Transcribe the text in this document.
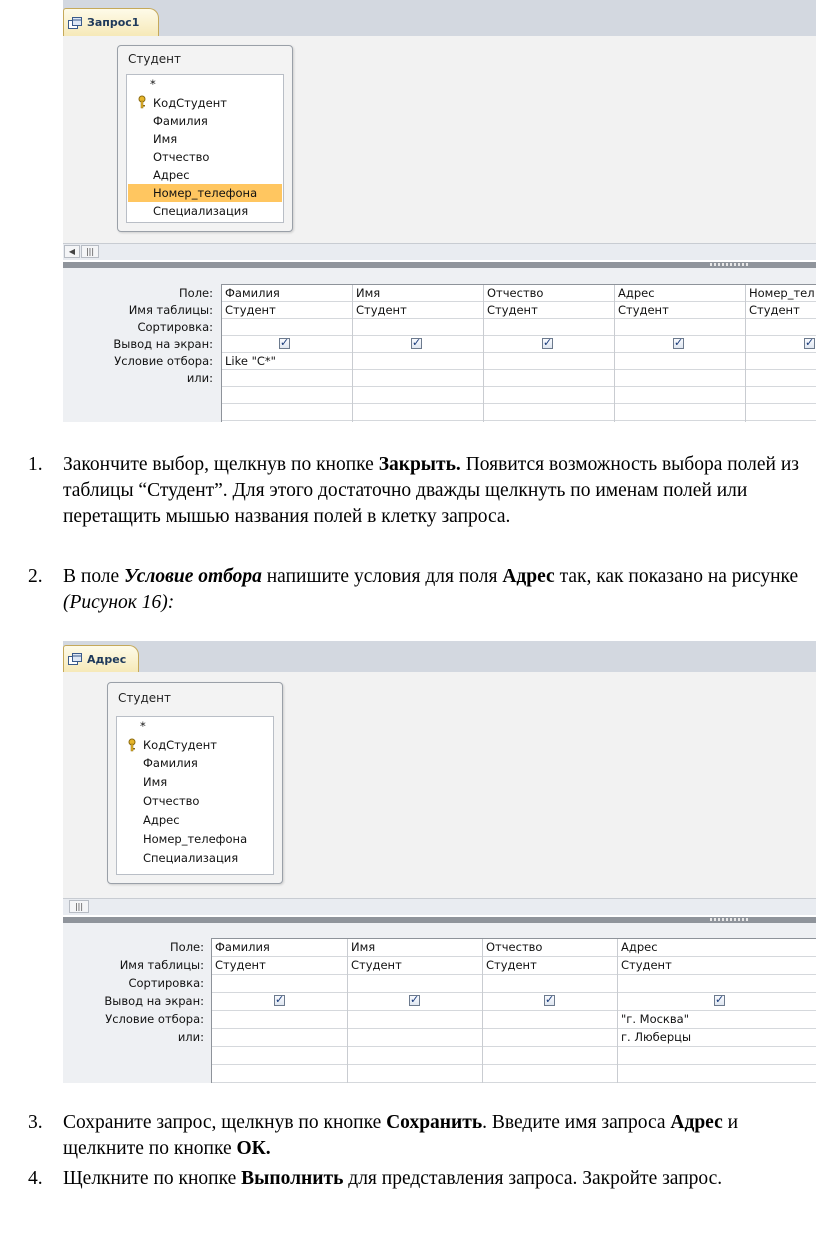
Запрос1
Студент
*
КодСтудент
Фамилия
Имя
Отчество
Адрес
Номер_телефона
Специализация
◀	|||
Поле:
Имя таблицы:
Сортировка:
Вывод на экран:
Условие отбора:
или:
Фамилия
Студент
✓
Like "С*"
Имя
Студент
✓
Отчество
Студент
✓
Адрес
Студент
✓
Номер_тел
Студент
✓
1. Закончите выбор, щелкнув по кнопке Закрыть. Появится возможность выбора полей из таблицы “Студент”. Для этого достаточно дважды щелкнуть по именам полей или перетащить мышью названия полей в клетку запроса.
2. В поле Условие отбора напишите условия для поля Адрес так, как показано на рисунке (Рисунок 16):
Адрес
Студент
*
КодСтудент
Фамилия
Имя
Отчество
Адрес
Номер_телефона
Специализация
|||
Поле:
Имя таблицы:
Сортировка:
Вывод на экран:
Условие отбора:
или:
Фамилия
Студент
✓
Имя
Студент
✓
Отчество
Студент
✓
Адрес
Студент
✓
"г. Москва"
г. Люберцы
3. Сохраните запрос, щелкнув по кнопке Сохранить. Введите имя запроса Адрес и щелкните по кнопке ОК.
4. Щелкните по кнопке Выполнить для представления запроса. Закройте запрос.
